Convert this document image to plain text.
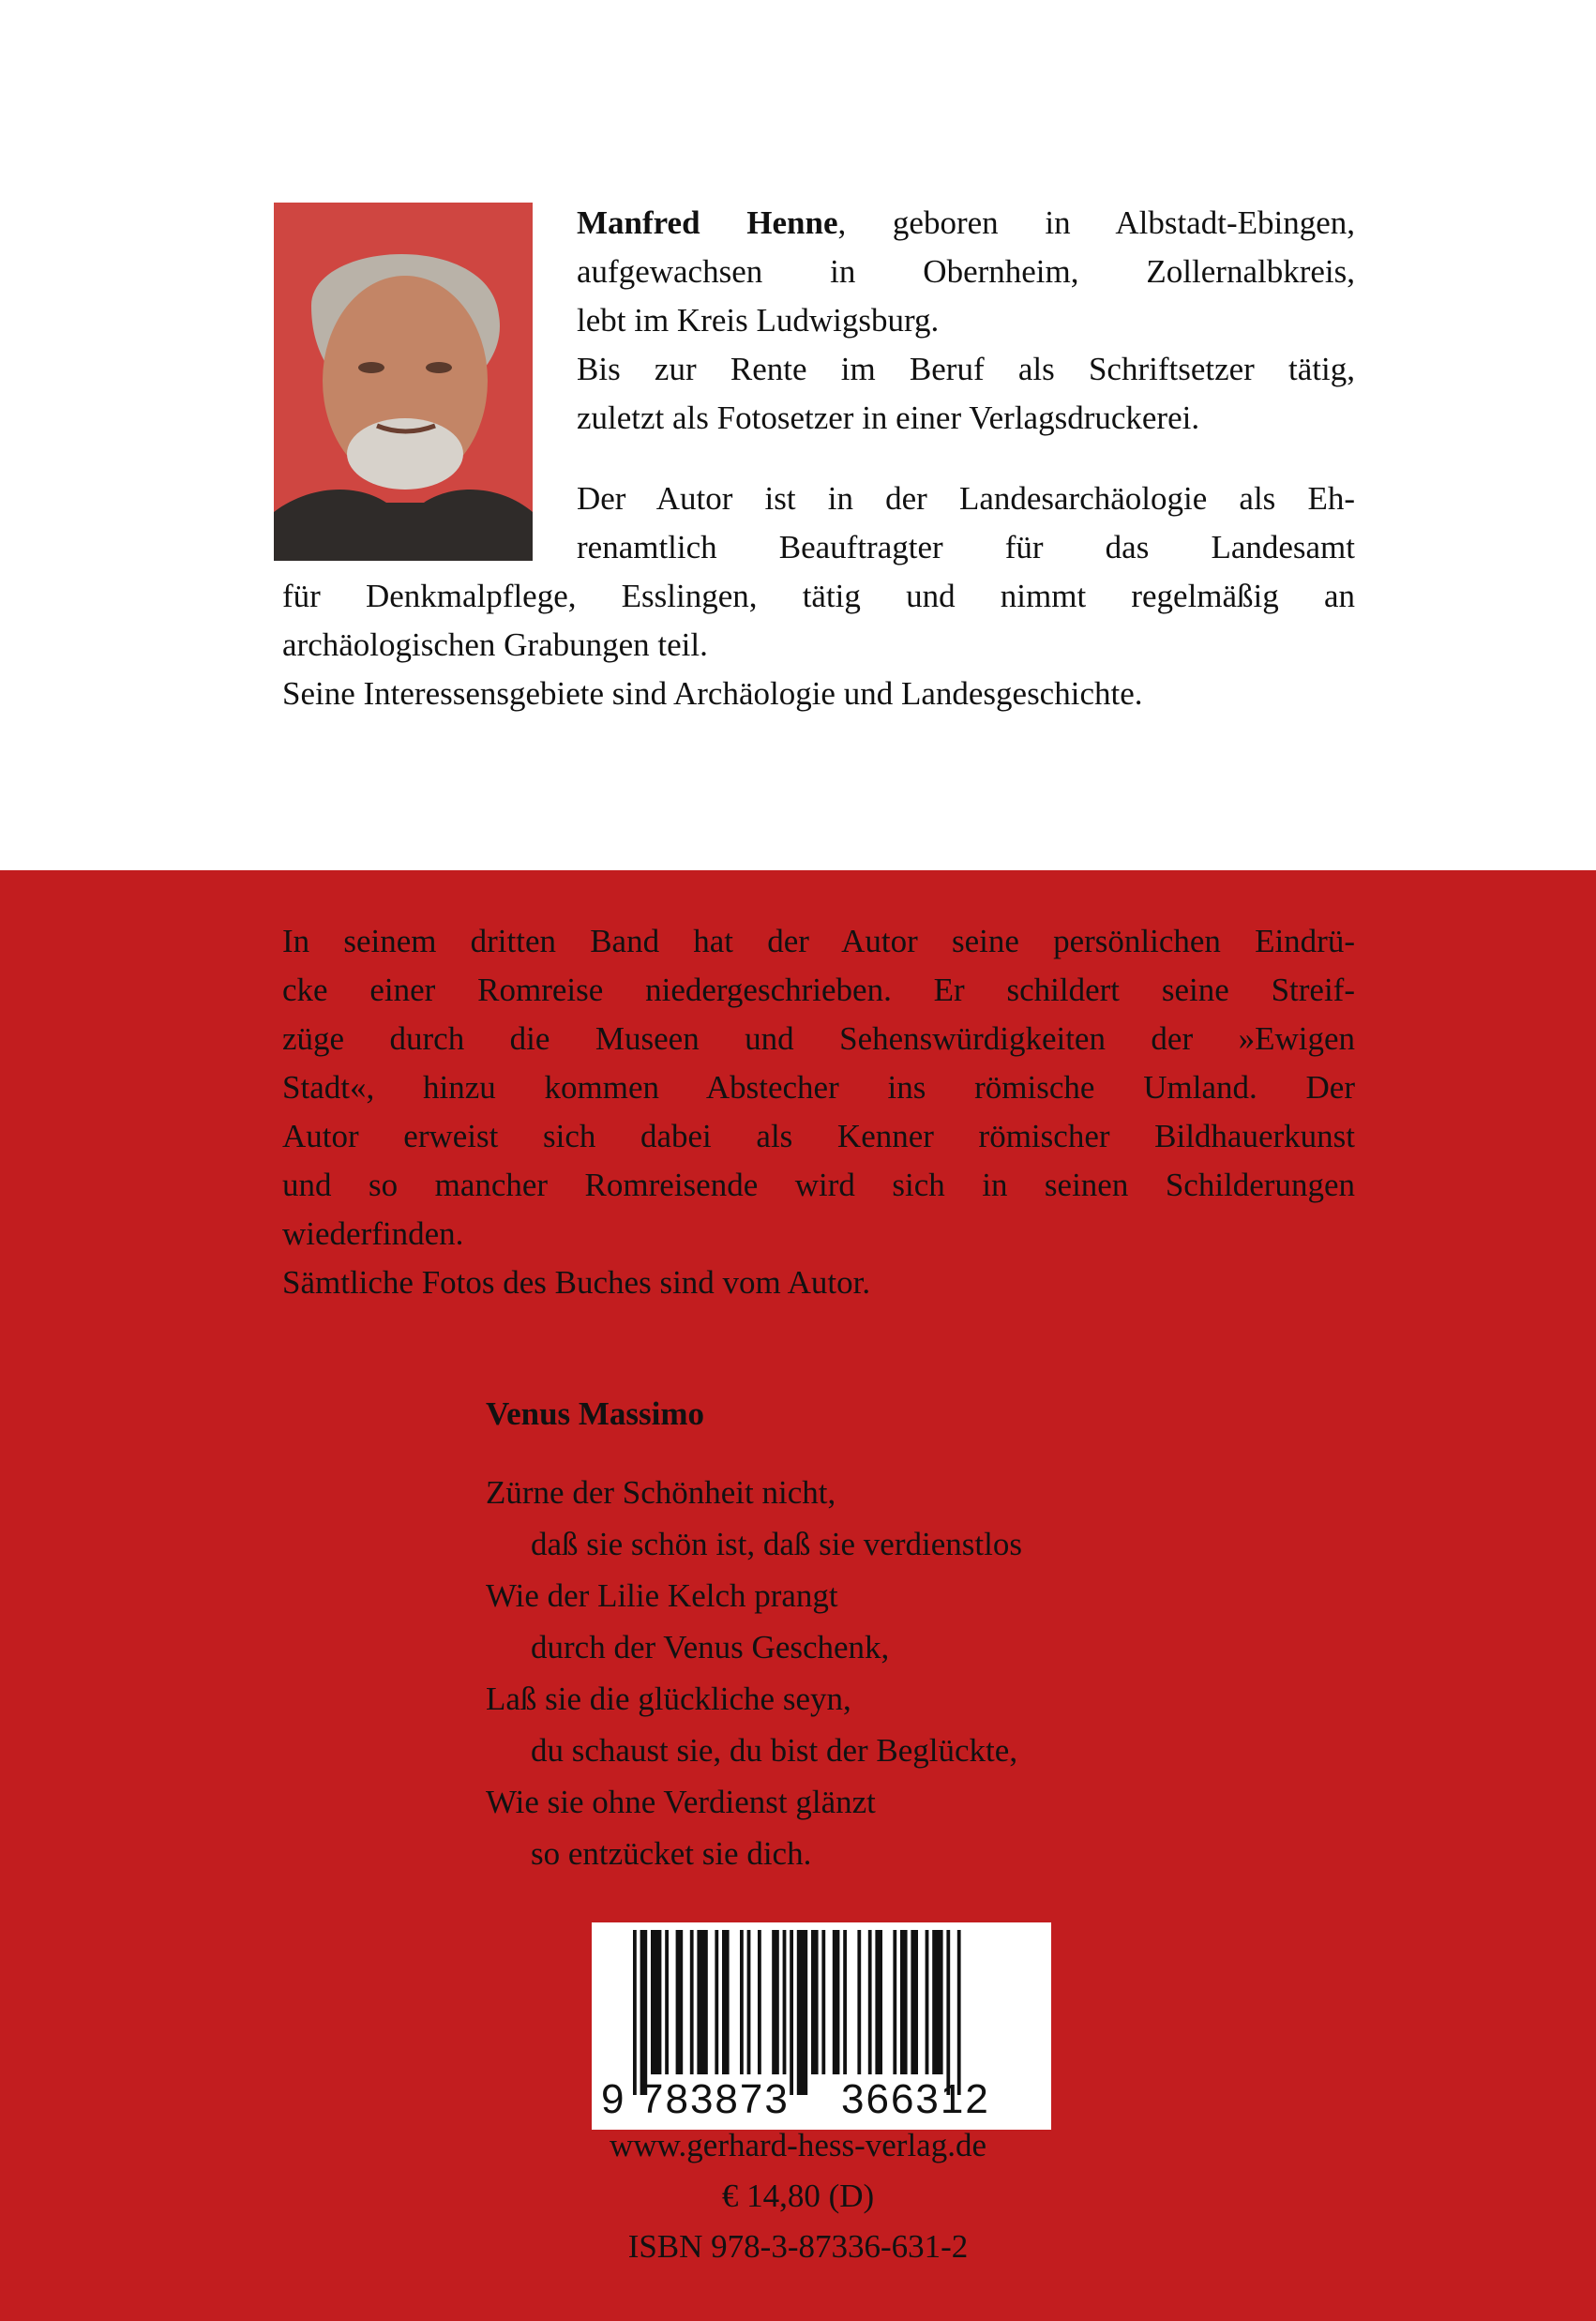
Manfred Henne, geboren in Albstadt-Ebingen,
aufgewachsen in Obernheim, Zollernalbkreis,
lebt im Kreis Ludwigsburg.
Bis zur Rente im Beruf als Schriftsetzer tätig,
zuletzt als Fotosetzer in einer Verlagsdruckerei.

Der Autor ist in der Landesarchäologie als Eh-
renamtlich Beauftragter für das Landesamt

für Denkmalpflege, Esslingen, tätig und nimmt regelmäßig an
archäologischen Grabungen teil.
Seine Interessensgebiete sind Archäologie und Landesgeschichte.

In seinem dritten Band hat der Autor seine persönlichen Eindrü-
cke einer Romreise niedergeschrieben. Er schildert seine Streif-
züge durch die Museen und Sehenswürdigkeiten der »Ewigen
Stadt«, hinzu kommen Abstecher ins römische Umland. Der
Autor erweist sich dabei als Kenner römischer Bildhauerkunst
und so mancher Romreisende wird sich in seinen Schilderungen
wiederfinden.
Sämtliche Fotos des Buches sind vom Autor.

Venus Massimo
Zürne der Schönheit nicht,
daß sie schön ist, daß sie verdienstlos
Wie der Lilie Kelch prangt
durch der Venus Geschenk,
Laß sie die glückliche seyn,
du schaust sie, du bist der Beglückte,
Wie sie ohne Verdienst glänzt
so entzücket sie dich.
9 783873 366312
www.gerhard-hess-verlag.de
€ 14,80 (D)
ISBN 978-3-87336-631-2
